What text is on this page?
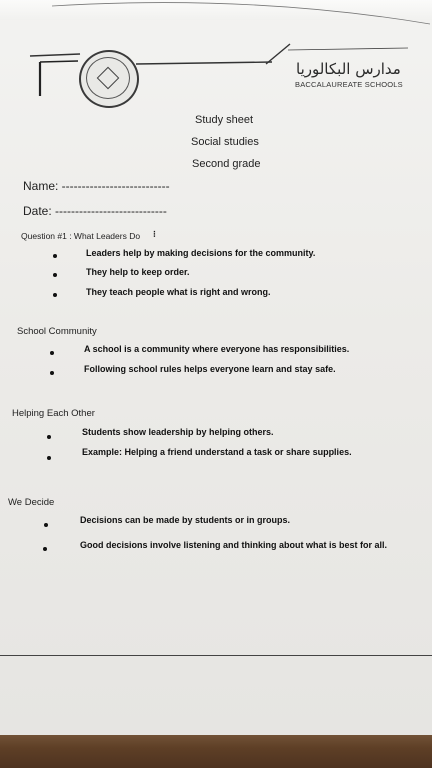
مدارس البكالوريا
BACCALAUREATE SCHOOLS
Study sheet
Social studies
Second grade
Name: ---------------------------
Date: ----------------------------
Question #1 : What Leaders Do ⁝
Leaders help by making decisions for the community.
They help to keep order.
They teach people what is right and wrong.
School Community
A school is a community where everyone has responsibilities.
Following school rules helps everyone learn and stay safe.
Helping Each Other
Students show leadership by helping others.
Example: Helping a friend understand a task or share supplies.
We Decide
Decisions can be made by students or in groups.
Good decisions involve listening and thinking about what is best for all.
